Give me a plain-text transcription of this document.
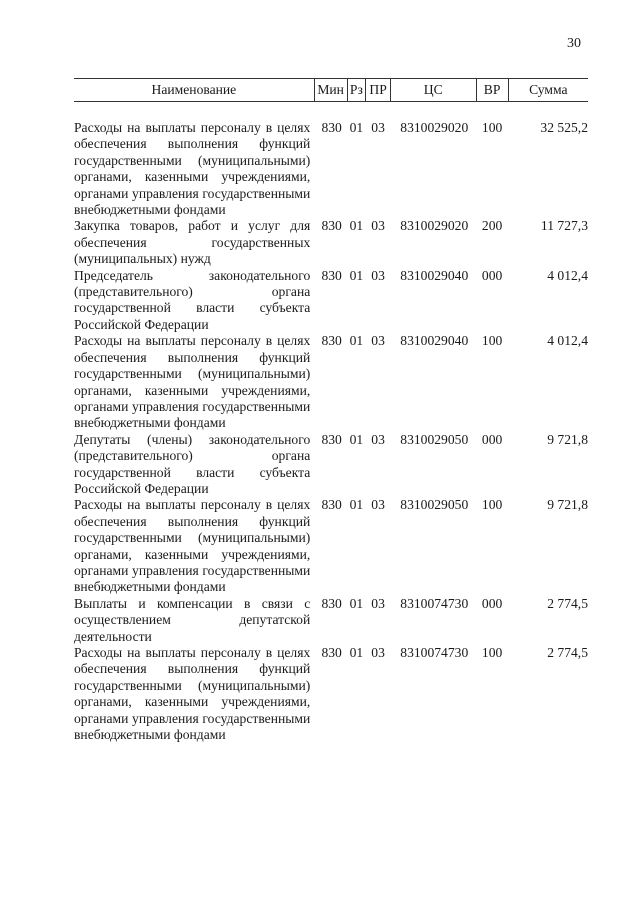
30
Наименование	Мин	Рз	ПР	ЦС	ВР	Сумма

Расходы на выплаты персоналу в целях обеспечения выполнения функций государственными (муниципальными) органами, казенными учреждениями, органами управления государственными внебюджетными фондами	830	01	03	8310029020	100	32 525,2
Закупка товаров, работ и услуг для обеспечения государственных (муниципальных) нужд	830	01	03	8310029020	200	11 727,3
Председатель законодательного (представительного) органа государственной власти субъекта Российской Федерации	830	01	03	8310029040	000	4 012,4
Расходы на выплаты персоналу в целях обеспечения выполнения функций государственными (муниципальными) органами, казенными учреждениями, органами управления государственными внебюджетными фондами	830	01	03	8310029040	100	4 012,4
Депутаты (члены) законодательного (представительного) органа государственной власти субъекта Российской Федерации	830	01	03	8310029050	000	9 721,8
Расходы на выплаты персоналу в целях обеспечения выполнения функций государственными (муниципальными) органами, казенными учреждениями, органами управления государственными внебюджетными фондами	830	01	03	8310029050	100	9 721,8
Выплаты и компенсации в связи с осуществлением депутатской деятельности	830	01	03	8310074730	000	2 774,5
Расходы на выплаты персоналу в целях обеспечения выполнения функций государственными (муниципальными) органами, казенными учреждениями, органами управления государственными внебюджетными фондами	830	01	03	8310074730	100	2 774,5
